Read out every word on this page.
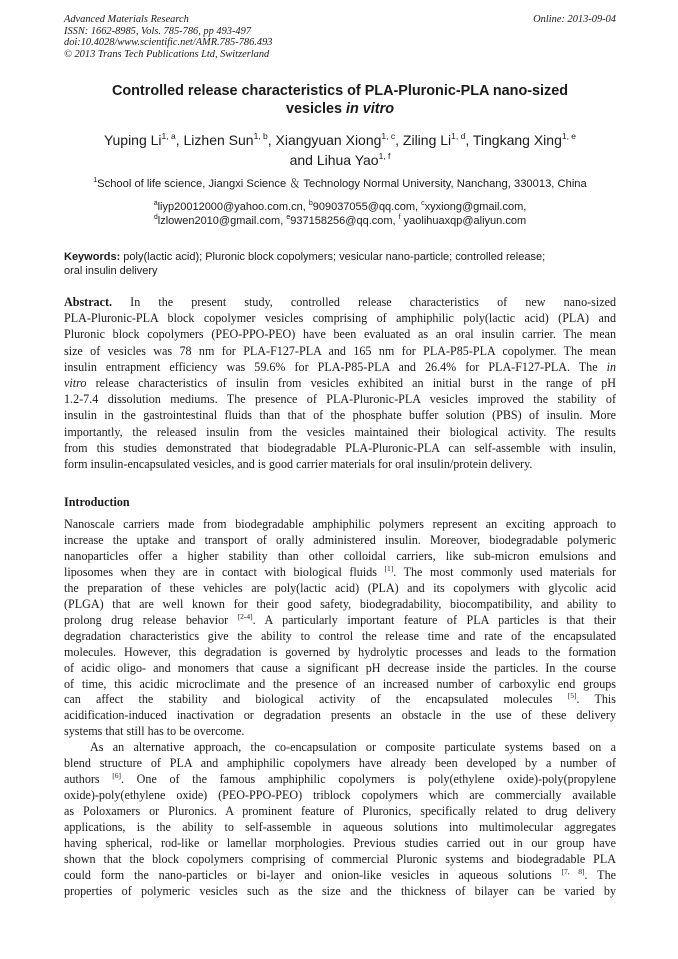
Advanced Materials Research
ISSN: 1662-8985, Vols. 785-786, pp 493-497
doi:10.4028/www.scientific.net/AMR.785-786.493
© 2013 Trans Tech Publications Ltd, Switzerland
Online: 2013-09-04
Controlled release characteristics of PLA-Pluronic-PLA nano-sized
vesicles in vitro
Yuping Li$^{1, a}$, Lizhen Sun$^{1, b}$, Xiangyuan Xiong$^{1, c}$, Ziling Li$^{1, d}$, Tingkang Xing$^{1, e}$
and Lihua Yao$^{1, f}$
$^1$School of life science, Jiangxi Science ＆ Technology Normal University, Nanchang, 330013, China
$^a$liyp20012000@yahoo.com.cn, $^b$909037055@qq.com, $^c$xyxiong@gmail.com,
$^d$lzlowen2010@gmail.com, $^e$937158256@qq.com, $^f$ yaolihuaxqp@aliyun.com
Keywords: poly(lactic acid); Pluronic block copolymers; vesicular nano-particle; controlled release;
oral insulin delivery
Abstract. In the present study, controlled release characteristics of new nano-sized
PLA-Pluronic-PLA block copolymer vesicles comprising of amphiphilic poly(lactic acid) (PLA) and
Pluronic block copolymers (PEO-PPO-PEO) have been evaluated as an oral insulin carrier. The mean
size of vesicles was 78 nm for PLA-F127-PLA and 165 nm for PLA-P85-PLA copolymer. The mean
insulin entrapment efficiency was 59.6% for PLA-P85-PLA and 26.4% for PLA-F127-PLA. The in
vitro release characteristics of insulin from vesicles exhibited an initial burst in the range of pH
1.2-7.4 dissolution mediums. The presence of PLA-Pluronic-PLA vesicles improved the stability of
insulin in the gastrointestinal fluids than that of the phosphate buffer solution (PBS) of insulin. More
importantly, the released insulin from the vesicles maintained their biological activity. The results
from this studies demonstrated that biodegradable PLA-Pluronic-PLA can self-assemble with insulin,
form insulin-encapsulated vesicles, and is good carrier materials for oral insulin/protein delivery.
Introduction
Nanoscale carriers made from biodegradable amphiphilic polymers represent an exciting approach to
increase the uptake and transport of orally administered insulin. Moreover, biodegradable polymeric
nanoparticles offer a higher stability than other colloidal carriers, like sub-micron emulsions and
liposomes when they are in contact with biological fluids [1]. The most commonly used materials for
the preparation of these vehicles are poly(lactic acid) (PLA) and its copolymers with glycolic acid
(PLGA) that are well known for their good safety, biodegradability, biocompatibility, and ability to
prolong drug release behavior [2-4]. A particularly important feature of PLA particles is that their
degradation characteristics give the ability to control the release time and rate of the encapsulated
molecules. However, this degradation is governed by hydrolytic processes and leads to the formation
of acidic oligo- and monomers that cause a significant pH decrease inside the particles. In the course
of time, this acidic microclimate and the presence of an increased number of carboxylic end groups
can affect the stability and biological activity of the encapsulated molecules [5]. This
acidification-induced inactivation or degradation presents an obstacle in the use of these delivery
systems that still has to be overcome.
As an alternative approach, the co-encapsulation or composite particulate systems based on a
blend structure of PLA and amphiphilic copolymers have already been developed by a number of
authors [6]. One of the famous amphiphilic copolymers is poly(ethylene oxide)-poly(propylene
oxide)-poly(ethylene oxide) (PEO-PPO-PEO) triblock copolymers which are commercially available
as Poloxamers or Pluronics. A prominent feature of Pluronics, specifically related to drug delivery
applications, is the ability to self-assemble in aqueous solutions into multimolecular aggregates
having spherical, rod-like or lamellar morphologies. Previous studies carried out in our group have
shown that the block copolymers comprising of commercial Pluronic systems and biodegradable PLA
could form the nano-particles or bi-layer and onion-like vesicles in aqueous solutions [7, 8]. The
properties of polymeric vesicles such as the size and the thickness of bilayer can be varied by
